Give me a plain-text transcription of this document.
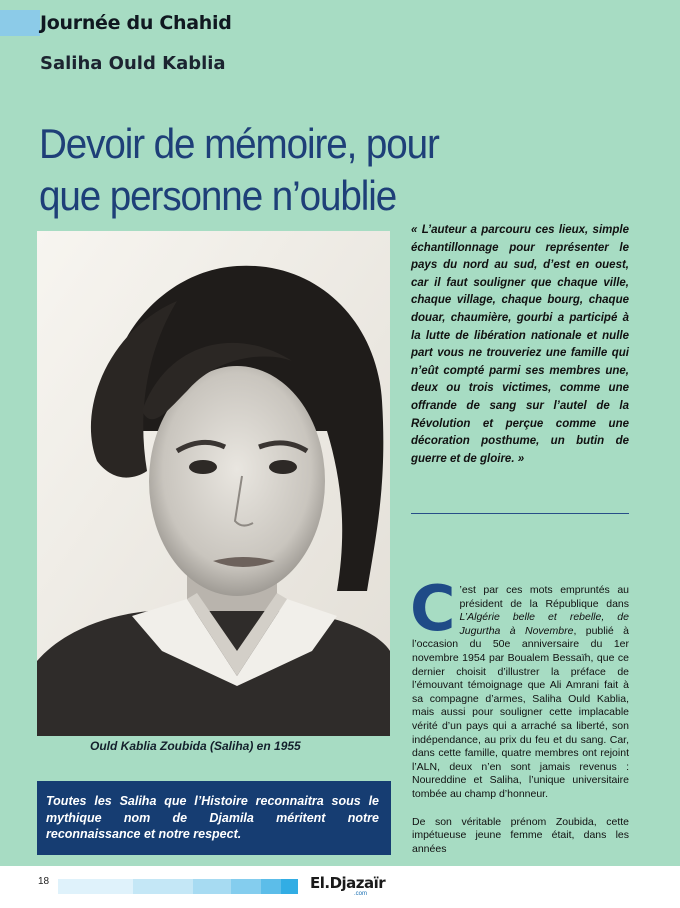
Journée du Chahid
Saliha Ould Kablia
Devoir de mémoire, pour que personne n’oublie
Ould Kablia Zoubida (Saliha) en 1955
Toutes les Saliha que l’Histoire reconnaitra sous le mythique nom de Djamila méritent notre reconnaissance et notre respect.
« L’auteur a parcouru ces lieux, simple échantillonnage pour représenter le pays du nord au sud, d’est en ouest, car il faut souligner que chaque ville, chaque village, chaque bourg, chaque douar, chaumière, gourbi a participé à la lutte de libération nationale et nulle part vous ne trouveriez une famille qui n’eût compté parmi ses membres une, deux ou trois victimes, comme une offrande de sang sur l’autel de la Révolution et perçue comme une décoration posthume, un butin de guerre et de gloire. »

C ’est par ces mots empruntés au président de la République dans L’Algérie belle et rebelle, de Jugurtha à Novembre, publié à l’occasion du 50e anniversaire du 1er novembre 1954 par Boualem Bessaïh, que ce dernier choisit d’illustrer la préface de l’émouvant témoignage que Ali Amrani fait à sa compagne d’armes, Saliha Ould Kablia, mais aussi pour souligner cette implacable vérité d’un pays qui a arraché sa liberté, son indépendance, au prix du feu et du sang. Car, dans cette famille, quatre membres ont rejoint l’ALN, deux n’en sont jamais revenus : Noureddine et Saliha, l’unique universitaire tombée au champ d’honneur.

De son véritable prénom Zoubida, cette impétueuse jeune femme était, dans les années

18	El.Djazaïr
.com
